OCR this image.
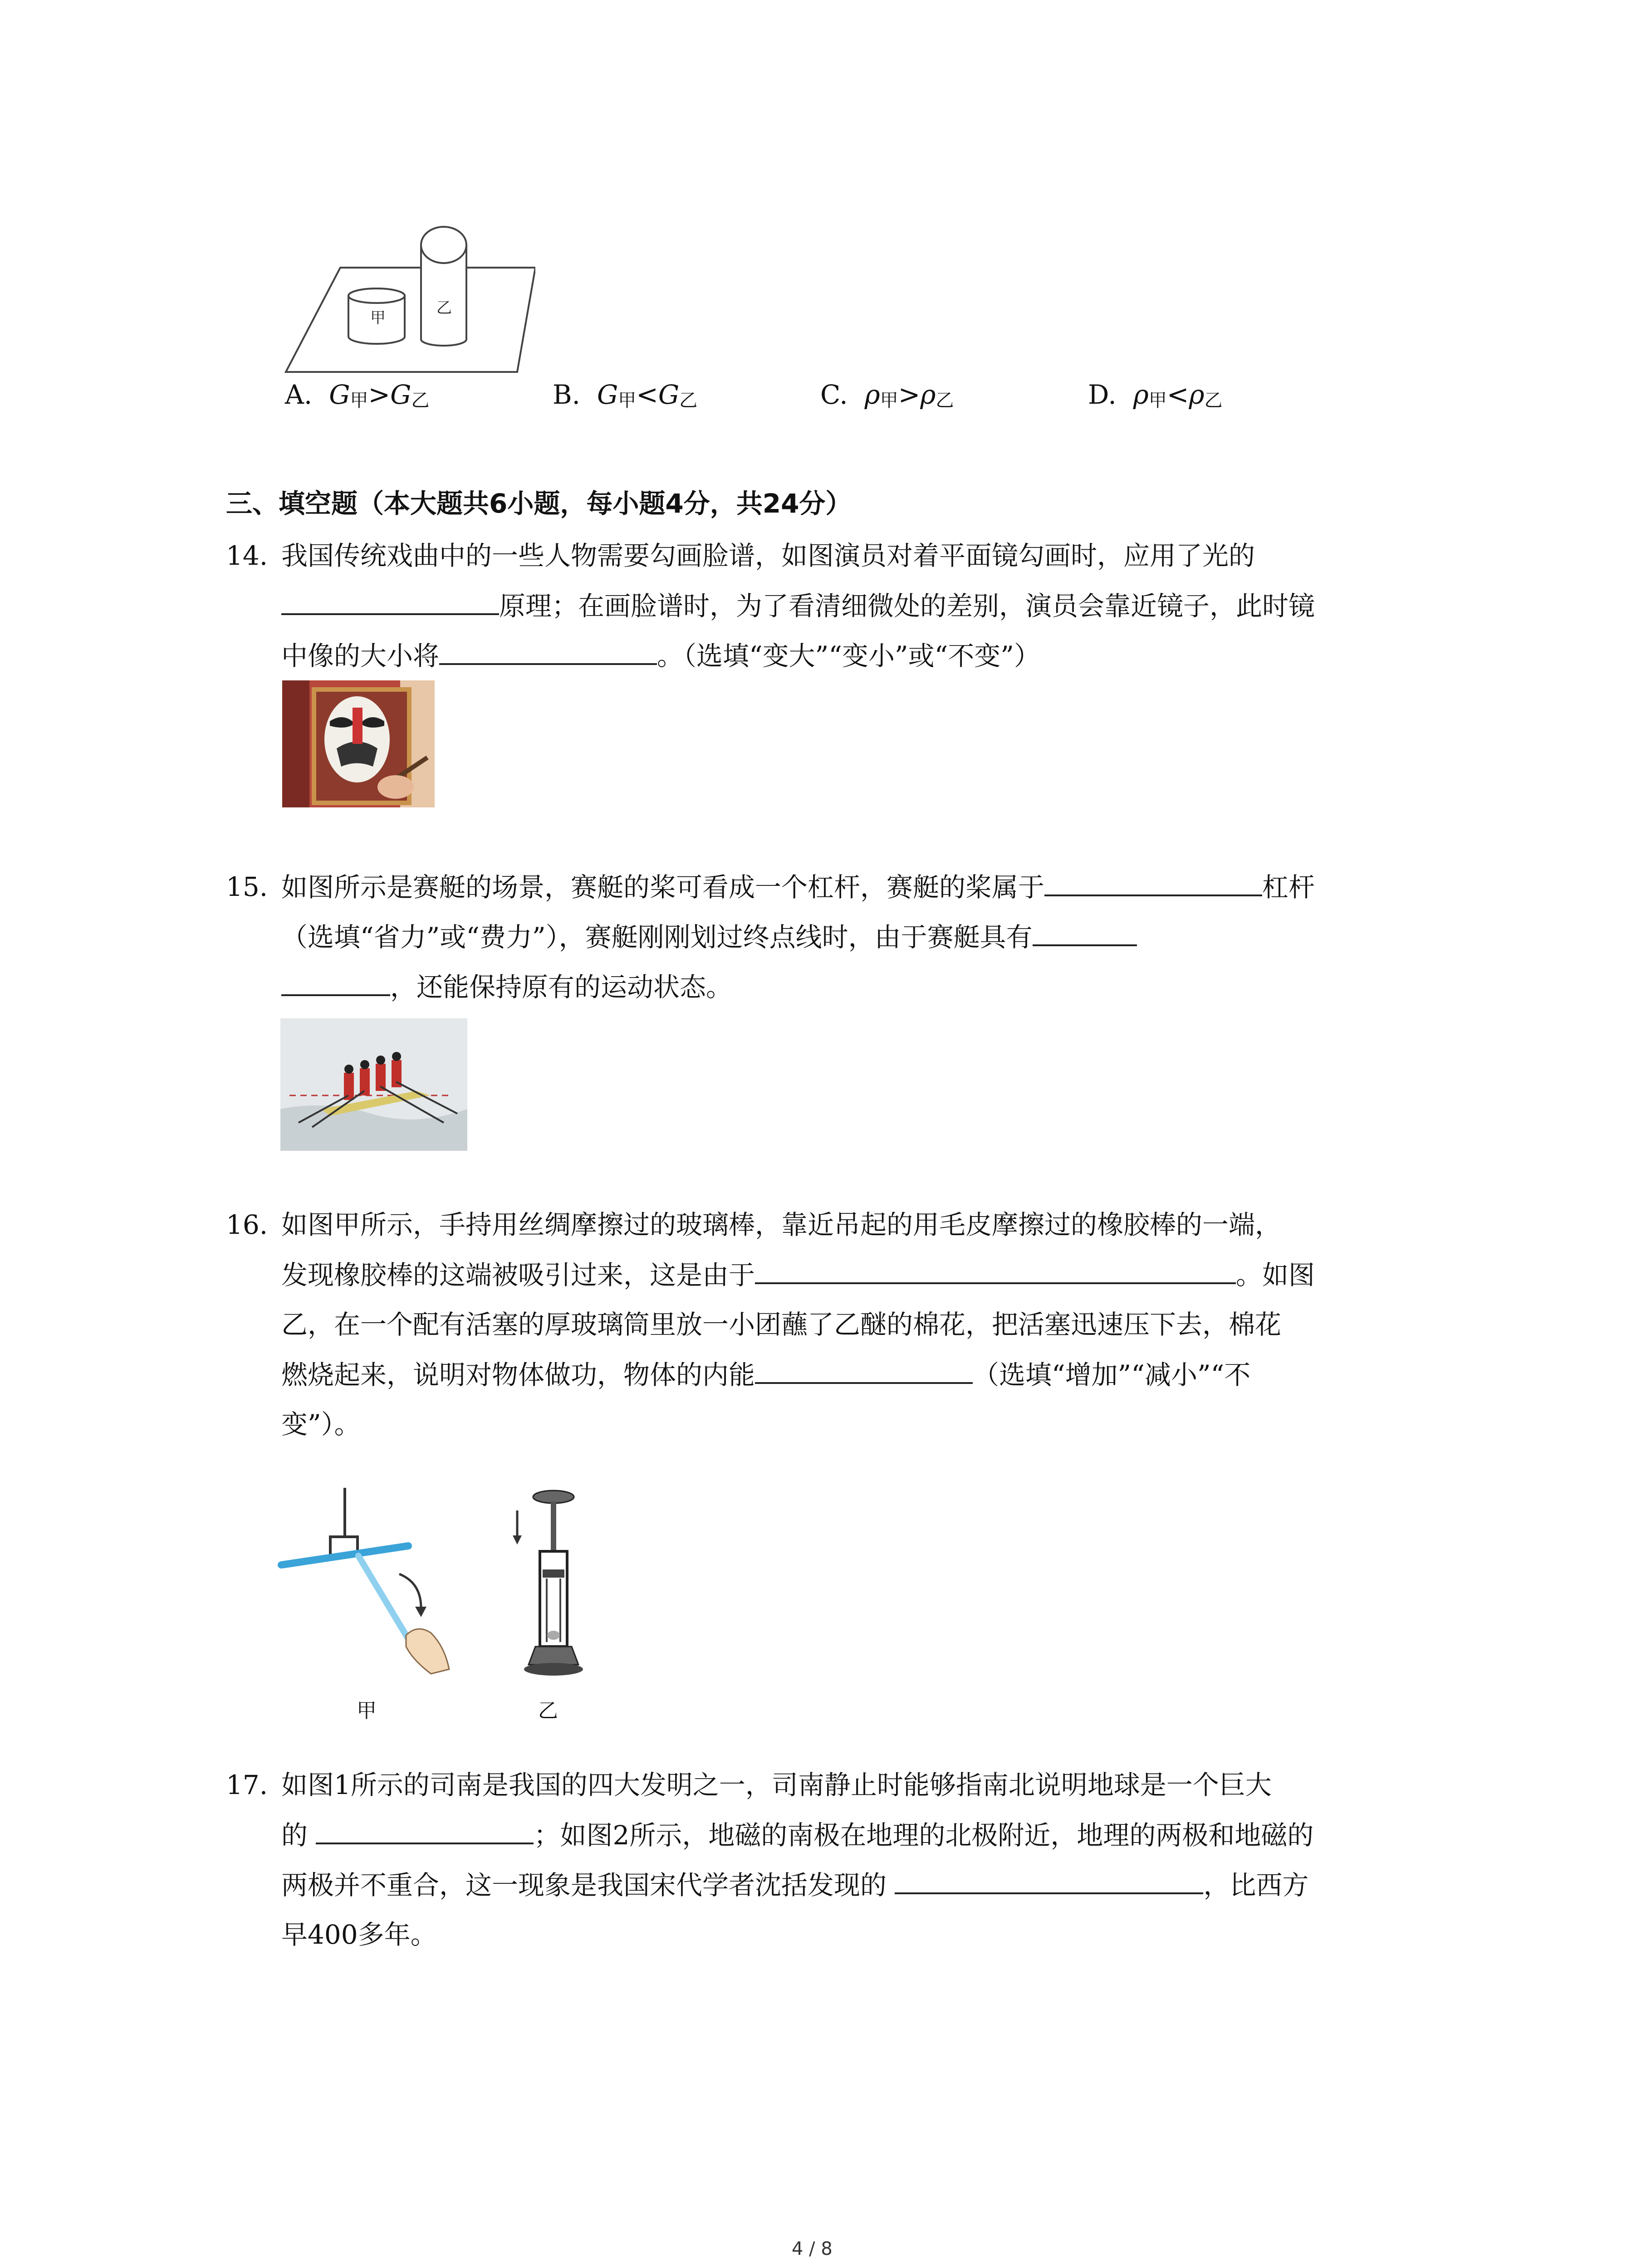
甲
乙
A. $G_甲>G_乙$	B. $G_甲<G_乙$	C. $\rho_甲>\rho_乙$	D. $\rho_甲<\rho_乙$
三、填空题（本大题共6小题，每小题4分，共24分）
14. 我国传统戏曲中的一些人物需要勾画脸谱，如图演员对着平面镜勾画时，应用了光的
原理；在画脸谱时，为了看清细微处的差别，演员会靠近镜子，此时镜
中像的大小将	。（选填“变大”“变小”或“不变”）
15. 如图所示是赛艇的场景，赛艇的桨可看成一个杠杆，赛艇的桨属于	杠杆
（选填“省力”或“费力”），赛艇刚刚划过终点线时，由于赛艇具有
，还能保持原有的运动状态。
16. 如图甲所示，手持用丝绸摩擦过的玻璃棒，靠近吊起的用毛皮摩擦过的橡胶棒的一端，
发现橡胶棒的这端被吸引过来，这是由于	。如图
乙，在一个配有活塞的厚玻璃筒里放一小团蘸了乙醚的棉花，把活塞迅速压下去，棉花
燃烧起来，说明对物体做功，物体的内能	（选填“增加”“减小”“不
变”）。
甲	乙
17. 如图1所示的司南是我国的四大发明之一，司南静止时能够指南北说明地球是一个巨大
的	；如图2所示，地磁的南极在地理的北极附近，地理的两极和地磁的
两极并不重合，这一现象是我国宋代学者沈括发现的	，比西方
早400多年。
4 / 8
